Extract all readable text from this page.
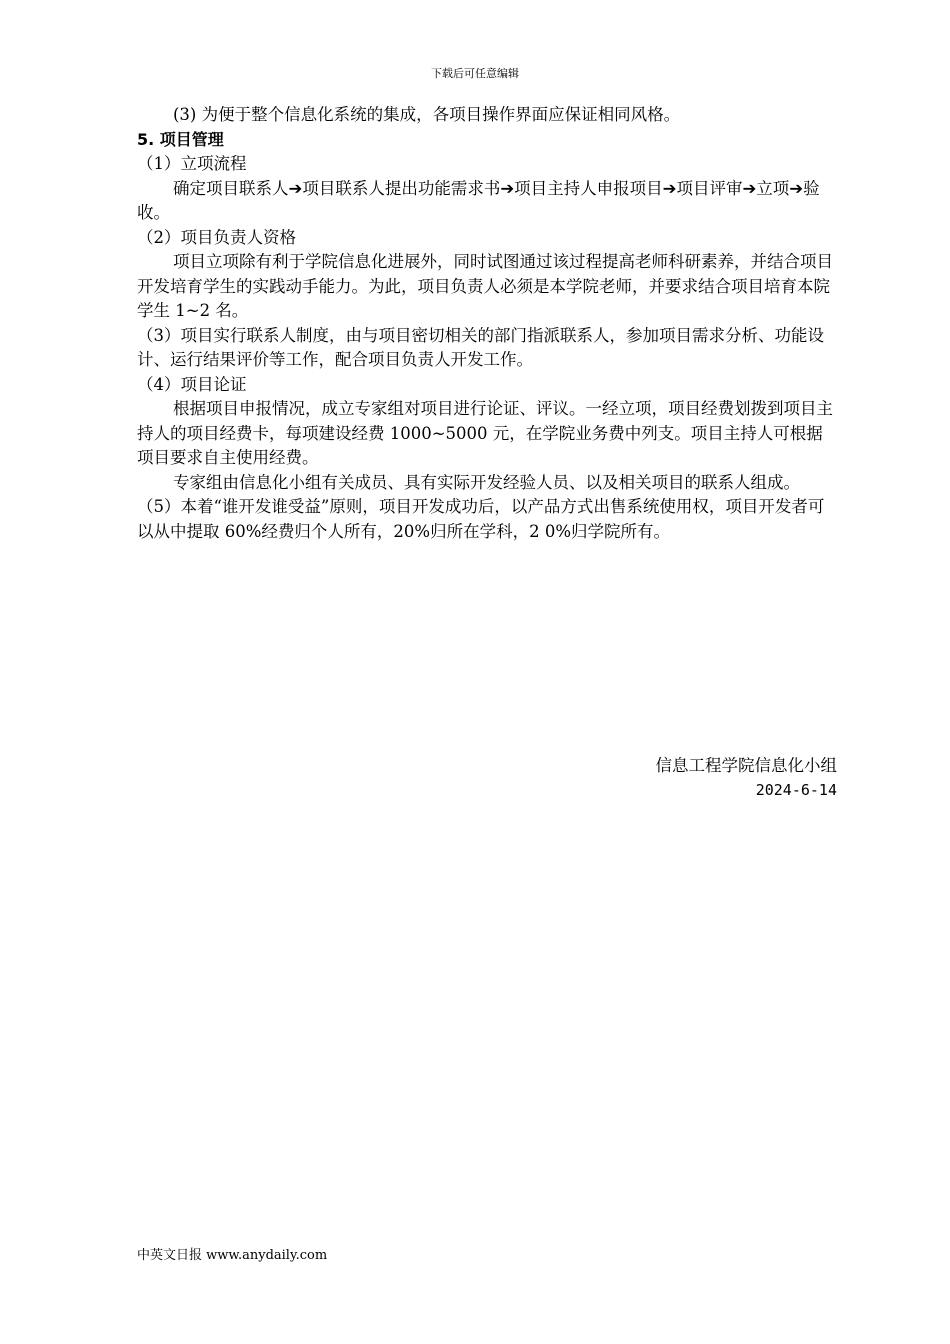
下载后可任意编辑

(3) 为便于整个信息化系统的集成，各项目操作界面应保证相同风格。

5. 项目管理

（1）立项流程

确定项目联系人➔项目联系人提出功能需求书➔项目主持人申报项目➔项目评审➔立项➔验收。

（2）项目负责人资格

项目立项除有利于学院信息化进展外，同时试图通过该过程提高老师科研素养，并结合项目开发培育学生的实践动手能力。为此，项目负责人必须是本学院老师，并要求结合项目培育本院学生 1~2 名。

（3）项目实行联系人制度，由与项目密切相关的部门指派联系人，参加项目需求分析、功能设计、运行结果评价等工作，配合项目负责人开发工作。

（4）项目论证

根据项目申报情况，成立专家组对项目进行论证、评议。一经立项，项目经费划拨到项目主持人的项目经费卡，每项建设经费 1000~5000 元，在学院业务费中列支。项目主持人可根据项目要求自主使用经费。

专家组由信息化小组有关成员、具有实际开发经验人员、以及相关项目的联系人组成。

（5）本着“谁开发谁受益”原则，项目开发成功后，以产品方式出售系统使用权，项目开发者可以从中提取 60%经费归个人所有，20%归所在学科，2 0%归学院所有。

信息工程学院信息化小组
2024-6-14
中英文日报 www.anydaily.com
